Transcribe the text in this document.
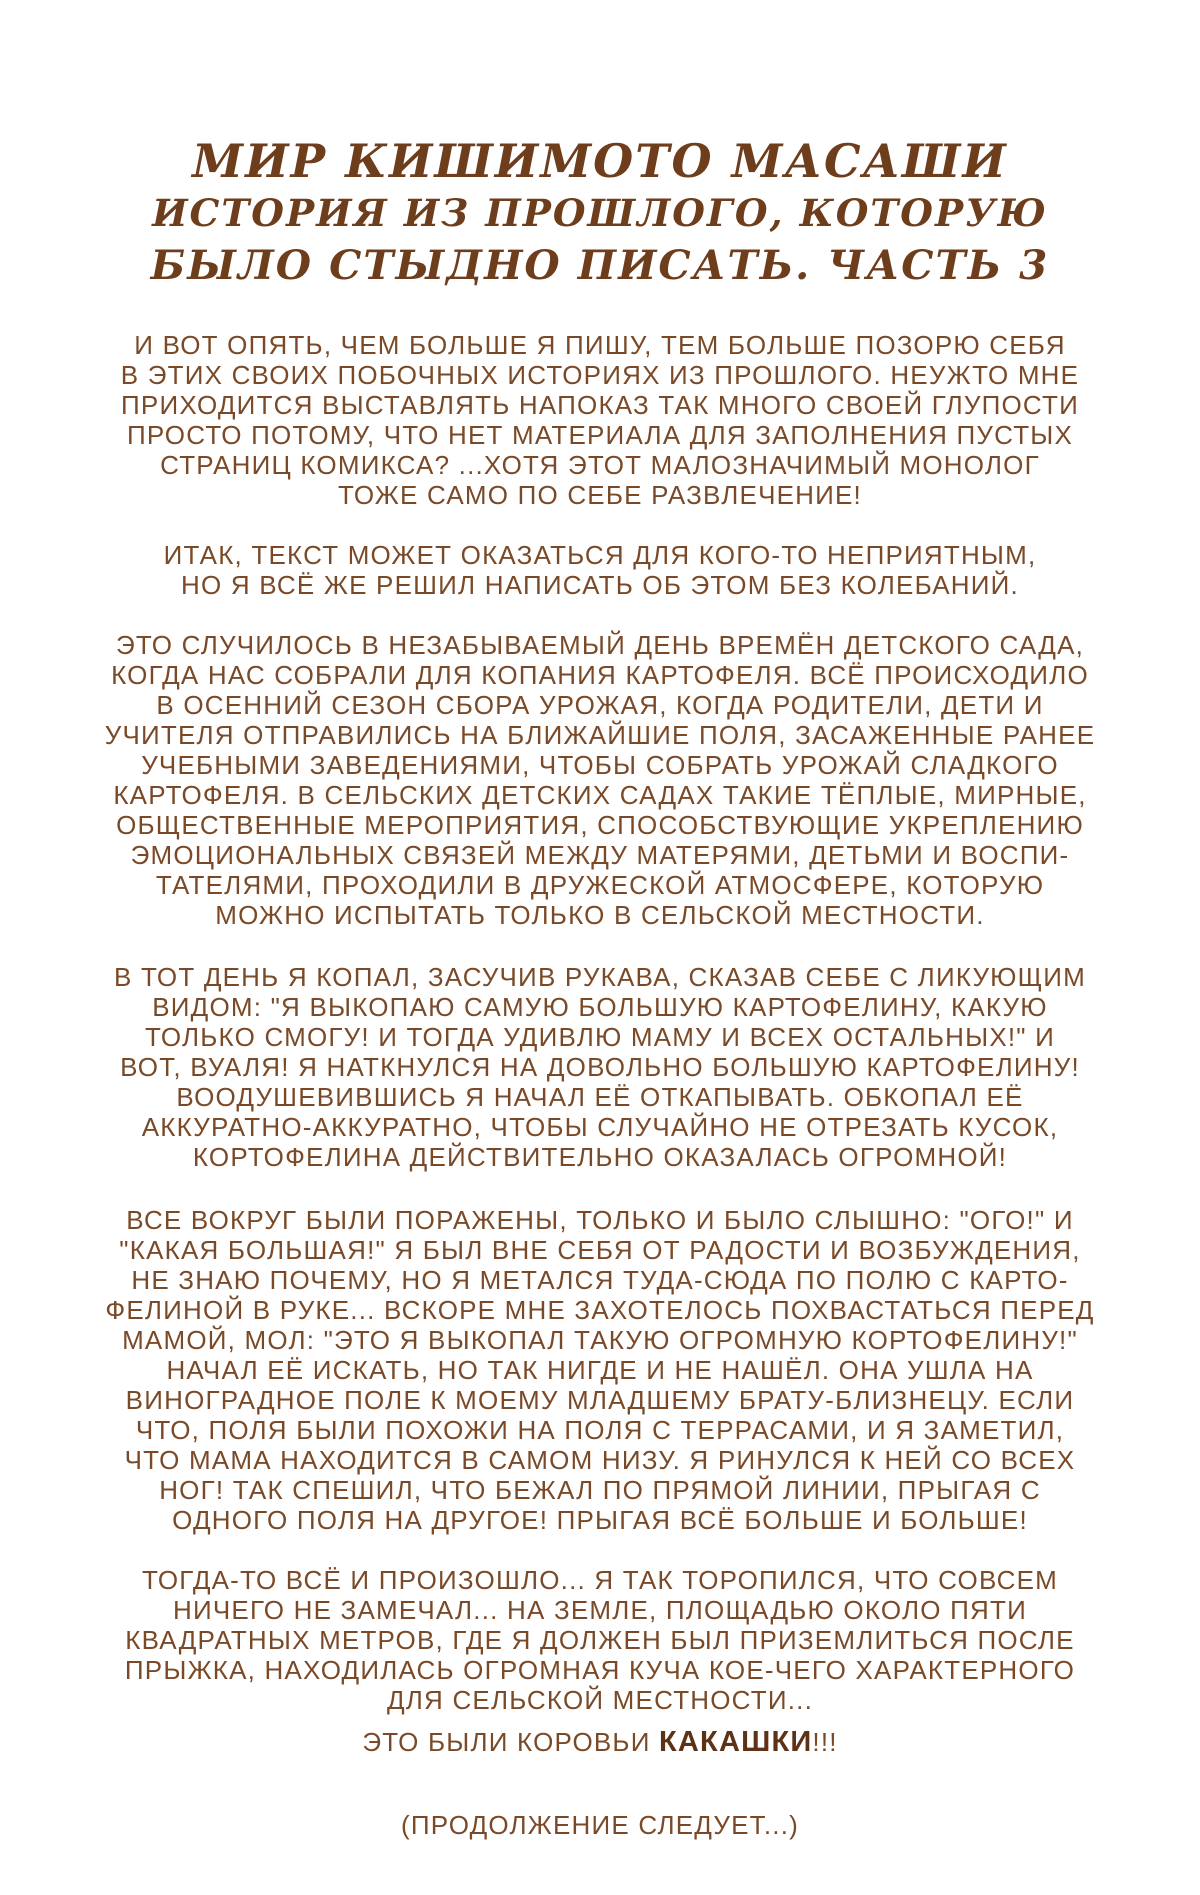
МИР КИШИМОТО МАСАШИ
ИСТОРИЯ ИЗ ПРОШЛОГО, КОТОРУЮ
БЫЛО СТЫДНО ПИСАТЬ. ЧАСТЬ 3
И ВОТ ОПЯТЬ, ЧЕМ БОЛЬШЕ Я ПИШУ, ТЕМ БОЛЬШЕ ПОЗОРЮ СЕБЯ
В ЭТИХ СВОИХ ПОБОЧНЫХ ИСТОРИЯХ ИЗ ПРОШЛОГО. НЕУЖТО МНЕ
ПРИХОДИТСЯ ВЫСТАВЛЯТЬ НАПОКАЗ ТАК МНОГО СВОЕЙ ГЛУПОСТИ
ПРОСТО ПОТОМУ, ЧТО НЕТ МАТЕРИАЛА ДЛЯ ЗАПОЛНЕНИЯ ПУСТЫХ
СТРАНИЦ КОМИКСА? ...ХОТЯ ЭТОТ МАЛОЗНАЧИМЫЙ МОНОЛОГ
ТОЖЕ САМО ПО СЕБЕ РАЗВЛЕЧЕНИЕ!
ИТАК, ТЕКСТ МОЖЕТ ОКАЗАТЬСЯ ДЛЯ КОГО-ТО НЕПРИЯТНЫМ,
НО Я ВСЁ ЖЕ РЕШИЛ НАПИСАТЬ ОБ ЭТОМ БЕЗ КОЛЕБАНИЙ.
ЭТО СЛУЧИЛОСЬ В НЕЗАБЫВАЕМЫЙ ДЕНЬ ВРЕМЁН ДЕТСКОГО САДА,
КОГДА НАС СОБРАЛИ ДЛЯ КОПАНИЯ КАРТОФЕЛЯ. ВСЁ ПРОИСХОДИЛО
В ОСЕННИЙ СЕЗОН СБОРА УРОЖАЯ, КОГДА РОДИТЕЛИ, ДЕТИ И
УЧИТЕЛЯ ОТПРАВИЛИСЬ НА БЛИЖАЙШИЕ ПОЛЯ, ЗАСАЖЕННЫЕ РАНЕЕ
УЧЕБНЫМИ ЗАВЕДЕНИЯМИ, ЧТОБЫ СОБРАТЬ УРОЖАЙ СЛАДКОГО
КАРТОФЕЛЯ. В СЕЛЬСКИХ ДЕТСКИХ САДАХ ТАКИЕ ТЁПЛЫЕ, МИРНЫЕ,
ОБЩЕСТВЕННЫЕ МЕРОПРИЯТИЯ, СПОСОБСТВУЮЩИЕ УКРЕПЛЕНИЮ
ЭМОЦИОНАЛЬНЫХ СВЯЗЕЙ МЕЖДУ МАТЕРЯМИ, ДЕТЬМИ И ВОСПИ-
ТАТЕЛЯМИ, ПРОХОДИЛИ В ДРУЖЕСКОЙ АТМОСФЕРЕ, КОТОРУЮ
МОЖНО ИСПЫТАТЬ ТОЛЬКО В СЕЛЬСКОЙ МЕСТНОСТИ.
В ТОТ ДЕНЬ Я КОПАЛ, ЗАСУЧИВ РУКАВА, СКАЗАВ СЕБЕ С ЛИКУЮЩИМ
ВИДОМ: "Я ВЫКОПАЮ САМУЮ БОЛЬШУЮ КАРТОФЕЛИНУ, КАКУЮ
ТОЛЬКО СМОГУ! И ТОГДА УДИВЛЮ МАМУ И ВСЕХ ОСТАЛЬНЫХ!" И
ВОТ, ВУАЛЯ! Я НАТКНУЛСЯ НА ДОВОЛЬНО БОЛЬШУЮ КАРТОФЕЛИНУ!
ВООДУШЕВИВШИСЬ Я НАЧАЛ ЕЁ ОТКАПЫВАТЬ. ОБКОПАЛ ЕЁ
АККУРАТНО-АККУРАТНО, ЧТОБЫ СЛУЧАЙНО НЕ ОТРЕЗАТЬ КУСОК,
КОРТОФЕЛИНА ДЕЙСТВИТЕЛЬНО ОКАЗАЛАСЬ ОГРОМНОЙ!
ВСЕ ВОКРУГ БЫЛИ ПОРАЖЕНЫ, ТОЛЬКО И БЫЛО СЛЫШНО: "ОГО!" И
"КАКАЯ БОЛЬШАЯ!" Я БЫЛ ВНЕ СЕБЯ ОТ РАДОСТИ И ВОЗБУЖДЕНИЯ,
НЕ ЗНАЮ ПОЧЕМУ, НО Я МЕТАЛСЯ ТУДА-СЮДА ПО ПОЛЮ С КАРТО-
ФЕЛИНОЙ В РУКЕ... ВСКОРЕ МНЕ ЗАХОТЕЛОСЬ ПОХВАСТАТЬСЯ ПЕРЕД
МАМОЙ, МОЛ: "ЭТО Я ВЫКОПАЛ ТАКУЮ ОГРОМНУЮ КОРТОФЕЛИНУ!"
НАЧАЛ ЕЁ ИСКАТЬ, НО ТАК НИГДЕ И НЕ НАШЁЛ. ОНА УШЛА НА
ВИНОГРАДНОЕ ПОЛЕ К МОЕМУ МЛАДШЕМУ БРАТУ-БЛИЗНЕЦУ. ЕСЛИ
ЧТО, ПОЛЯ БЫЛИ ПОХОЖИ НА ПОЛЯ С ТЕРРАСАМИ, И Я ЗАМЕТИЛ,
ЧТО МАМА НАХОДИТСЯ В САМОМ НИЗУ. Я РИНУЛСЯ К НЕЙ СО ВСЕХ
НОГ! ТАК СПЕШИЛ, ЧТО БЕЖАЛ ПО ПРЯМОЙ ЛИНИИ, ПРЫГАЯ С
ОДНОГО ПОЛЯ НА ДРУГОЕ! ПРЫГАЯ ВСЁ БОЛЬШЕ И БОЛЬШЕ!
ТОГДА-ТО ВСЁ И ПРОИЗОШЛО... Я ТАК ТОРОПИЛСЯ, ЧТО СОВСЕМ
НИЧЕГО НЕ ЗАМЕЧАЛ... НА ЗЕМЛЕ, ПЛОЩАДЬЮ ОКОЛО ПЯТИ
КВАДРАТНЫХ МЕТРОВ, ГДЕ Я ДОЛЖЕН БЫЛ ПРИЗЕМЛИТЬСЯ ПОСЛЕ
ПРЫЖКА, НАХОДИЛАСЬ ОГРОМНАЯ КУЧА КОЕ-ЧЕГО ХАРАКТЕРНОГО
ДЛЯ СЕЛЬСКОЙ МЕСТНОСТИ...
ЭТО БЫЛИ КОРОВЬИ КАКАШКИ!!!
(ПРОДОЛЖЕНИЕ СЛЕДУЕТ...)
